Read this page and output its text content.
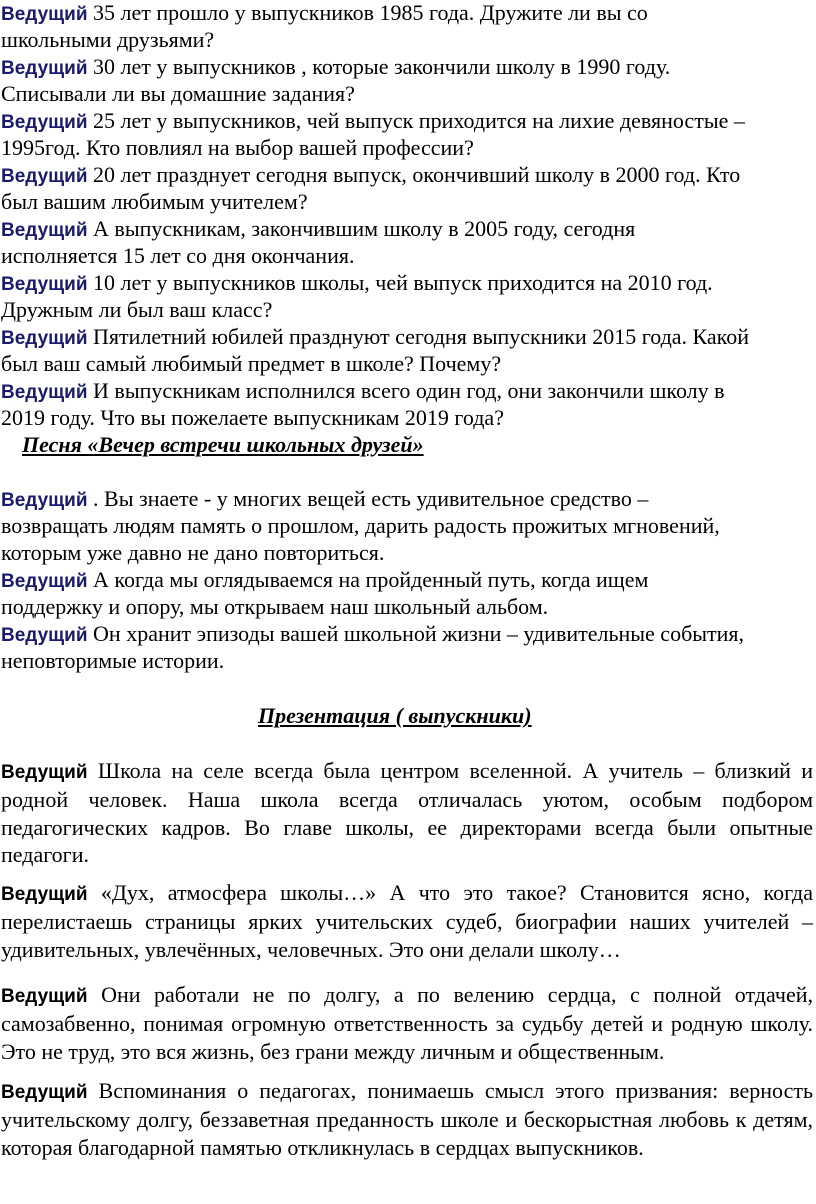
Ведущий 35 лет прошло у выпускников 1985 года. Дружите ли вы со
школьными друзьями?
Ведущий 30 лет у выпускников , которые закончили школу в 1990 году.
Списывали ли вы домашние задания?
Ведущий 25 лет у выпускников, чей выпуск приходится на лихие девяностые –
1995год. Кто повлиял на выбор вашей профессии?
Ведущий 20 лет празднует сегодня выпуск, окончивший школу в 2000 год. Кто
был вашим любимым учителем?
Ведущий А выпускникам, закончившим школу в 2005 году, сегодня
исполняется 15 лет со дня окончания.
Ведущий 10 лет у выпускников школы, чей выпуск приходится на 2010 год.
Дружным ли был ваш класс?
Ведущий Пятилетний юбилей празднуют сегодня выпускники 2015 года. Какой
был ваш самый любимый предмет в школе? Почему?
Ведущий И выпускникам исполнился всего один год, они закончили школу в
2019 году. Что вы пожелаете выпускникам 2019 года?
Песня «Вечер встречи школьных друзей»
Ведущий . Вы знаете - у многих вещей есть удивительное средство –
возвращать людям память о прошлом, дарить радость прожитых мгновений,
которым уже давно не дано повториться.
Ведущий А когда мы оглядываемся на пройденный путь, когда ищем
поддержку и опору, мы открываем наш школьный альбом.
Ведущий Он хранит эпизоды вашей школьной жизни – удивительные события,
неповторимые истории.
Презентация ( выпускники)
Ведущий Школа на селе всегда была центром вселенной. А учитель – близкий и родной человек. Наша школа всегда отличалась уютом, особым подбором педагогических кадров. Во главе школы, ее директорами всегда были опытные педагоги.
Ведущий «Дух, атмосфера школы…» А что это такое? Становится ясно, когда перелистаешь страницы ярких учительских судеб, биографии наших учителей – удивительных, увлечённых, человечных. Это они делали школу…
Ведущий Они работали не по долгу, а по велению сердца, с полной отдачей, самозабвенно, понимая огромную ответственность за судьбу детей и родную школу. Это не труд, это вся жизнь, без грани между личным и общественным.
Ведущий Вспоминания о педагогах, понимаешь смысл этого призвания: верность учительскому долгу, беззаветная преданность школе и бескорыстная любовь к детям, которая благодарной памятью откликнулась в сердцах выпускников.
